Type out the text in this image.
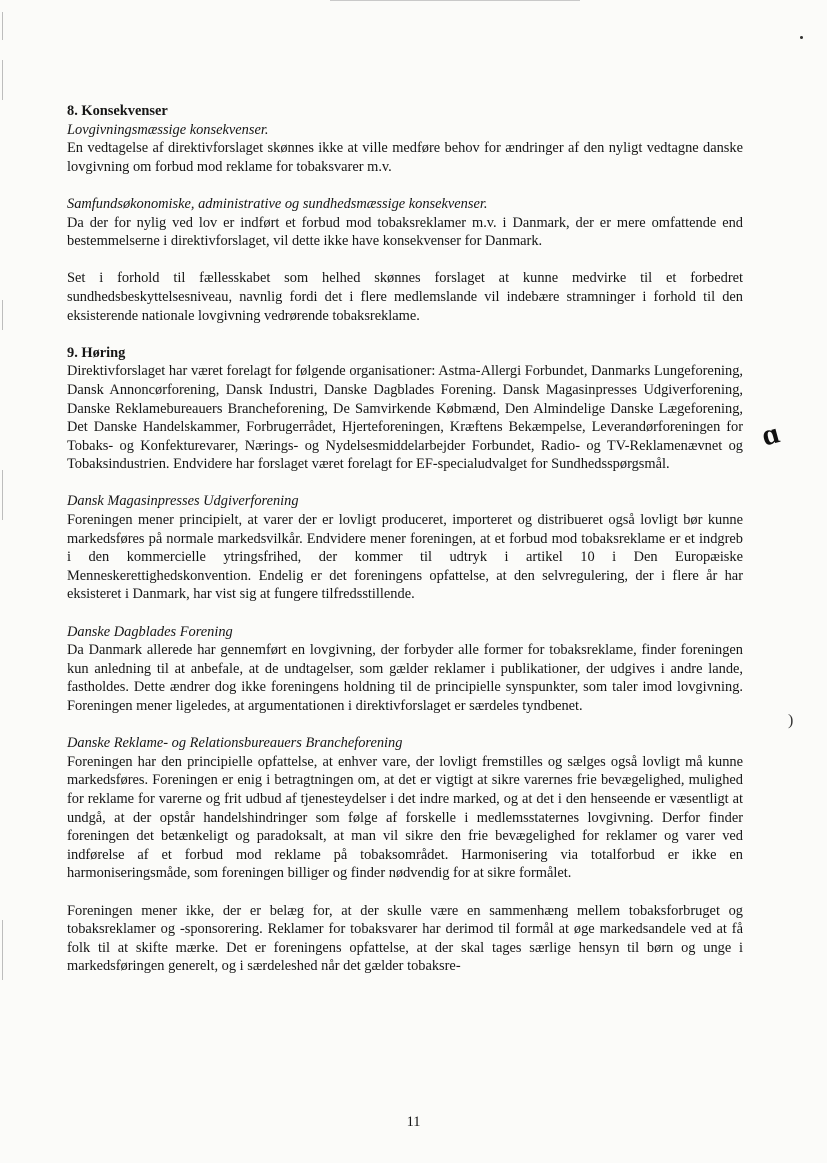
8. Konsekvenser

Lovgivningsmæssige konsekvenser.

En vedtagelse af direktivforslaget skønnes ikke at ville medføre behov for ændringer af den nyligt vedtagne danske lovgivning om forbud mod reklame for tobaksvarer m.v.

Samfundsøkonomiske, administrative og sundhedsmæssige konsekvenser.

Da der for nylig ved lov er indført et forbud mod tobaksreklamer m.v. i Danmark, der er mere omfattende end bestemmelserne i direktivforslaget, vil dette ikke have konsekvenser for Danmark.

Set i forhold til fællesskabet som helhed skønnes forslaget at kunne medvirke til et forbedret sundhedsbeskyttelsesniveau, navnlig fordi det i flere medlemslande vil indebære stramninger i forhold til den eksisterende nationale lovgivning vedrørende tobaksreklame.

9. Høring

Direktivforslaget har været forelagt for følgende organisationer: Astma-Allergi Forbundet, Danmarks Lungeforening, Dansk Annoncørforening, Dansk Industri, Danske Dagblades Forening. Dansk Magasinpresses Udgiverforening, Danske Reklamebureauers Brancheforening, De Samvirkende Købmænd, Den Almindelige Danske Lægeforening, Det Danske Handelskammer, Forbrugerrådet, Hjerteforeningen, Kræftens Bekæmpelse, Leverandørforeningen for Tobaks- og Konfekturevarer, Nærings- og Nydelsesmiddelarbejder Forbundet, Radio- og TV-Reklamenævnet og Tobaksindustrien. Endvidere har forslaget været forelagt for EF-specialudvalget for Sundhedsspørgsmål.

Dansk Magasinpresses Udgiverforening

Foreningen mener principielt, at varer der er lovligt produceret, importeret og distribueret også lovligt bør kunne markedsføres på normale markedsvilkår. Endvidere mener foreningen, at et forbud mod tobaksreklame er et indgreb i den kommercielle ytringsfrihed, der kommer til udtryk i artikel 10 i Den Europæiske Menneskerettighedskonvention. Endelig er det foreningens opfattelse, at den selvregulering, der i flere år har eksisteret i Danmark, har vist sig at fungere tilfredsstillende.

Danske Dagblades Forening

Da Danmark allerede har gennemført en lovgivning, der forbyder alle former for tobaksreklame, finder foreningen kun anledning til at anbefale, at de undtagelser, som gælder reklamer i publikationer, der udgives i andre lande, fastholdes. Dette ændrer dog ikke foreningens holdning til de principielle synspunkter, som taler imod lovgivning. Foreningen mener ligeledes, at argumentationen i direktivforslaget er særdeles tyndbenet.

Danske Reklame- og Relationsbureauers Brancheforening

Foreningen har den principielle opfattelse, at enhver vare, der lovligt fremstilles og sælges også lovligt må kunne markedsføres. Foreningen er enig i betragtningen om, at det er vigtigt at sikre varernes frie bevægelighed, mulighed for reklame for varerne og frit udbud af tjenesteydelser i det indre marked, og at det i den henseende er væsentligt at undgå, at der opstår handelshindringer som følge af forskelle i medlemsstaternes lovgivning. Derfor finder foreningen det betænkeligt og paradoksalt, at man vil sikre den frie bevægelighed for reklamer og varer ved indførelse af et forbud mod reklame på tobaksområdet. Harmonisering via totalforbud er ikke en harmoniseringsmåde, som foreningen billiger og finder nødvendig for at sikre formålet.

Foreningen mener ikke, der er belæg for, at der skulle være en sammenhæng mellem tobaksforbruget og tobaksreklamer og -sponsorering. Reklamer for tobaksvarer har derimod til formål at øge markedsandele ved at få folk til at skifte mærke. Det er foreningens opfattelse, at der skal tages særlige hensyn til børn og unge i markedsføringen generelt, og i særdeleshed når det gælder tobaksre-

ɑ
)
11
